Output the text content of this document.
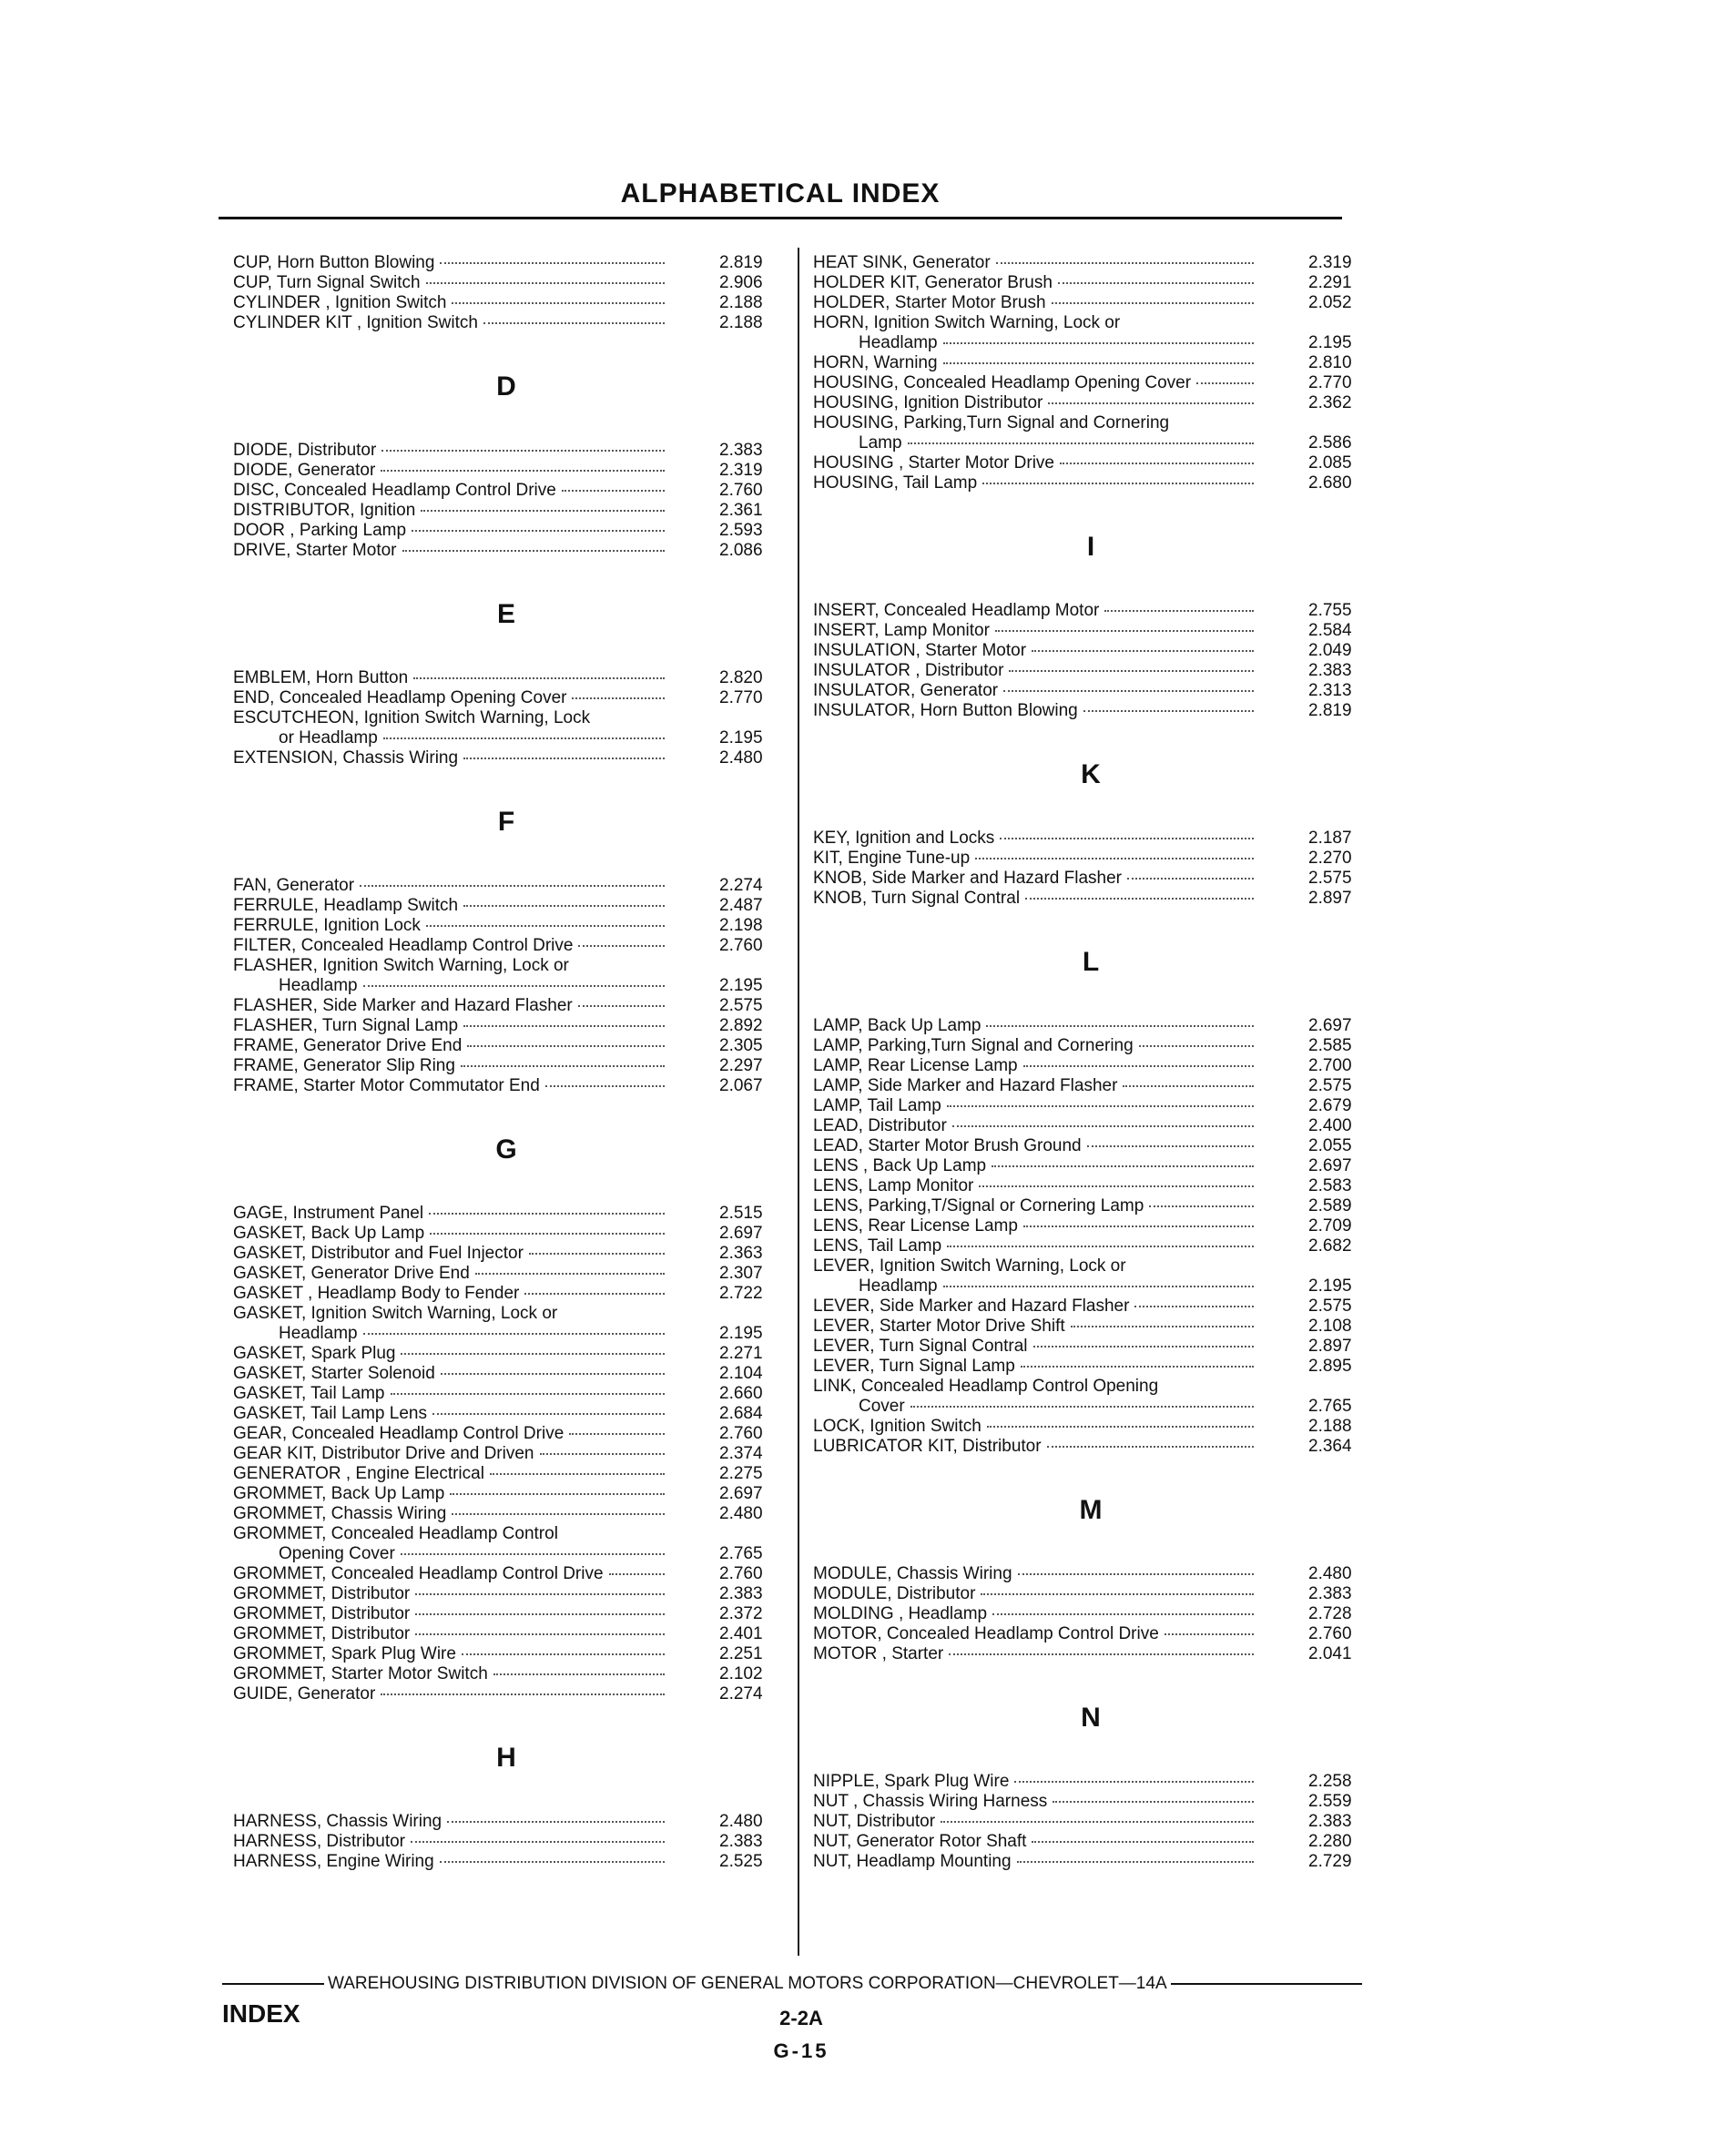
ALPHABETICAL INDEX
CUP, Horn Button Blowing	2.819
CUP, Turn Signal Switch	2.906
CYLINDER , Ignition Switch	2.188
CYLINDER KIT , Ignition Switch	2.188
D
DIODE, Distributor	2.383
DIODE, Generator	2.319
DISC, Concealed Headlamp Control Drive	2.760
DISTRIBUTOR, Ignition	2.361
DOOR , Parking Lamp	2.593
DRIVE, Starter Motor	2.086
E
EMBLEM, Horn Button	2.820
END, Concealed Headlamp Opening Cover	2.770
ESCUTCHEON, Ignition Switch Warning, Lock
or Headlamp	2.195
EXTENSION, Chassis Wiring	2.480
F
FAN, Generator	2.274
FERRULE, Headlamp Switch	2.487
FERRULE, Ignition Lock	2.198
FILTER, Concealed Headlamp Control Drive	2.760
FLASHER, Ignition Switch Warning, Lock or
Headlamp	2.195
FLASHER, Side Marker and Hazard Flasher	2.575
FLASHER, Turn Signal Lamp	2.892
FRAME, Generator Drive End	2.305
FRAME, Generator Slip Ring	2.297
FRAME, Starter Motor Commutator End	2.067
G
GAGE, Instrument Panel	2.515
GASKET, Back Up Lamp	2.697
GASKET, Distributor and Fuel Injector	2.363
GASKET, Generator Drive End	2.307
GASKET , Headlamp Body to Fender	2.722
GASKET, Ignition Switch Warning, Lock or
Headlamp	2.195
GASKET, Spark Plug	2.271
GASKET, Starter Solenoid	2.104
GASKET, Tail Lamp	2.660
GASKET, Tail Lamp Lens	2.684
GEAR, Concealed Headlamp Control Drive	2.760
GEAR KIT, Distributor Drive and Driven	2.374
GENERATOR , Engine Electrical	2.275
GROMMET, Back Up Lamp	2.697
GROMMET, Chassis Wiring	2.480
GROMMET, Concealed Headlamp Control
Opening Cover	2.765
GROMMET, Concealed Headlamp Control Drive	2.760
GROMMET, Distributor	2.383
GROMMET, Distributor	2.372
GROMMET, Distributor	2.401
GROMMET, Spark Plug Wire	2.251
GROMMET, Starter Motor Switch	2.102
GUIDE, Generator	2.274
H
HARNESS, Chassis Wiring	2.480
HARNESS, Distributor	2.383
HARNESS, Engine Wiring	2.525
HEAT SINK, Generator	2.319
HOLDER KIT, Generator Brush	2.291
HOLDER, Starter Motor Brush	2.052
HORN, Ignition Switch Warning, Lock or
Headlamp	2.195
HORN, Warning	2.810
HOUSING, Concealed Headlamp Opening Cover	2.770
HOUSING, Ignition Distributor	2.362
HOUSING, Parking,Turn Signal and Cornering
Lamp	2.586
HOUSING , Starter Motor Drive	2.085
HOUSING, Tail Lamp	2.680
I
INSERT, Concealed Headlamp Motor	2.755
INSERT, Lamp Monitor	2.584
INSULATION, Starter Motor	2.049
INSULATOR , Distributor	2.383
INSULATOR, Generator	2.313
INSULATOR, Horn Button Blowing	2.819
K
KEY, Ignition and Locks	2.187
KIT, Engine Tune-up	2.270
KNOB, Side Marker and Hazard Flasher	2.575
KNOB, Turn Signal Contral	2.897
L
LAMP, Back Up Lamp	2.697
LAMP, Parking,Turn Signal and Cornering	2.585
LAMP, Rear License Lamp	2.700
LAMP, Side Marker and Hazard Flasher	2.575
LAMP, Tail Lamp	2.679
LEAD, Distributor	2.400
LEAD, Starter Motor Brush Ground	2.055
LENS , Back Up Lamp	2.697
LENS, Lamp Monitor	2.583
LENS, Parking,T/Signal or Cornering Lamp	2.589
LENS, Rear License Lamp	2.709
LENS, Tail Lamp	2.682
LEVER, Ignition Switch Warning, Lock or
Headlamp	2.195
LEVER, Side Marker and Hazard Flasher	2.575
LEVER, Starter Motor Drive Shift	2.108
LEVER, Turn Signal Contral	2.897
LEVER, Turn Signal Lamp	2.895
LINK, Concealed Headlamp Control Opening
Cover	2.765
LOCK, Ignition Switch	2.188
LUBRICATOR KIT, Distributor	2.364
M
MODULE, Chassis Wiring	2.480
MODULE, Distributor	2.383
MOLDING , Headlamp	2.728
MOTOR, Concealed Headlamp Control Drive	2.760
MOTOR , Starter	2.041
N
NIPPLE, Spark Plug Wire	2.258
NUT , Chassis Wiring Harness	2.559
NUT, Distributor	2.383
NUT, Generator Rotor Shaft	2.280
NUT, Headlamp Mounting	2.729
WAREHOUSING DISTRIBUTION DIVISION OF GENERAL MOTORS CORPORATION—CHEVROLET—14A
INDEX	2-2A
G-15
